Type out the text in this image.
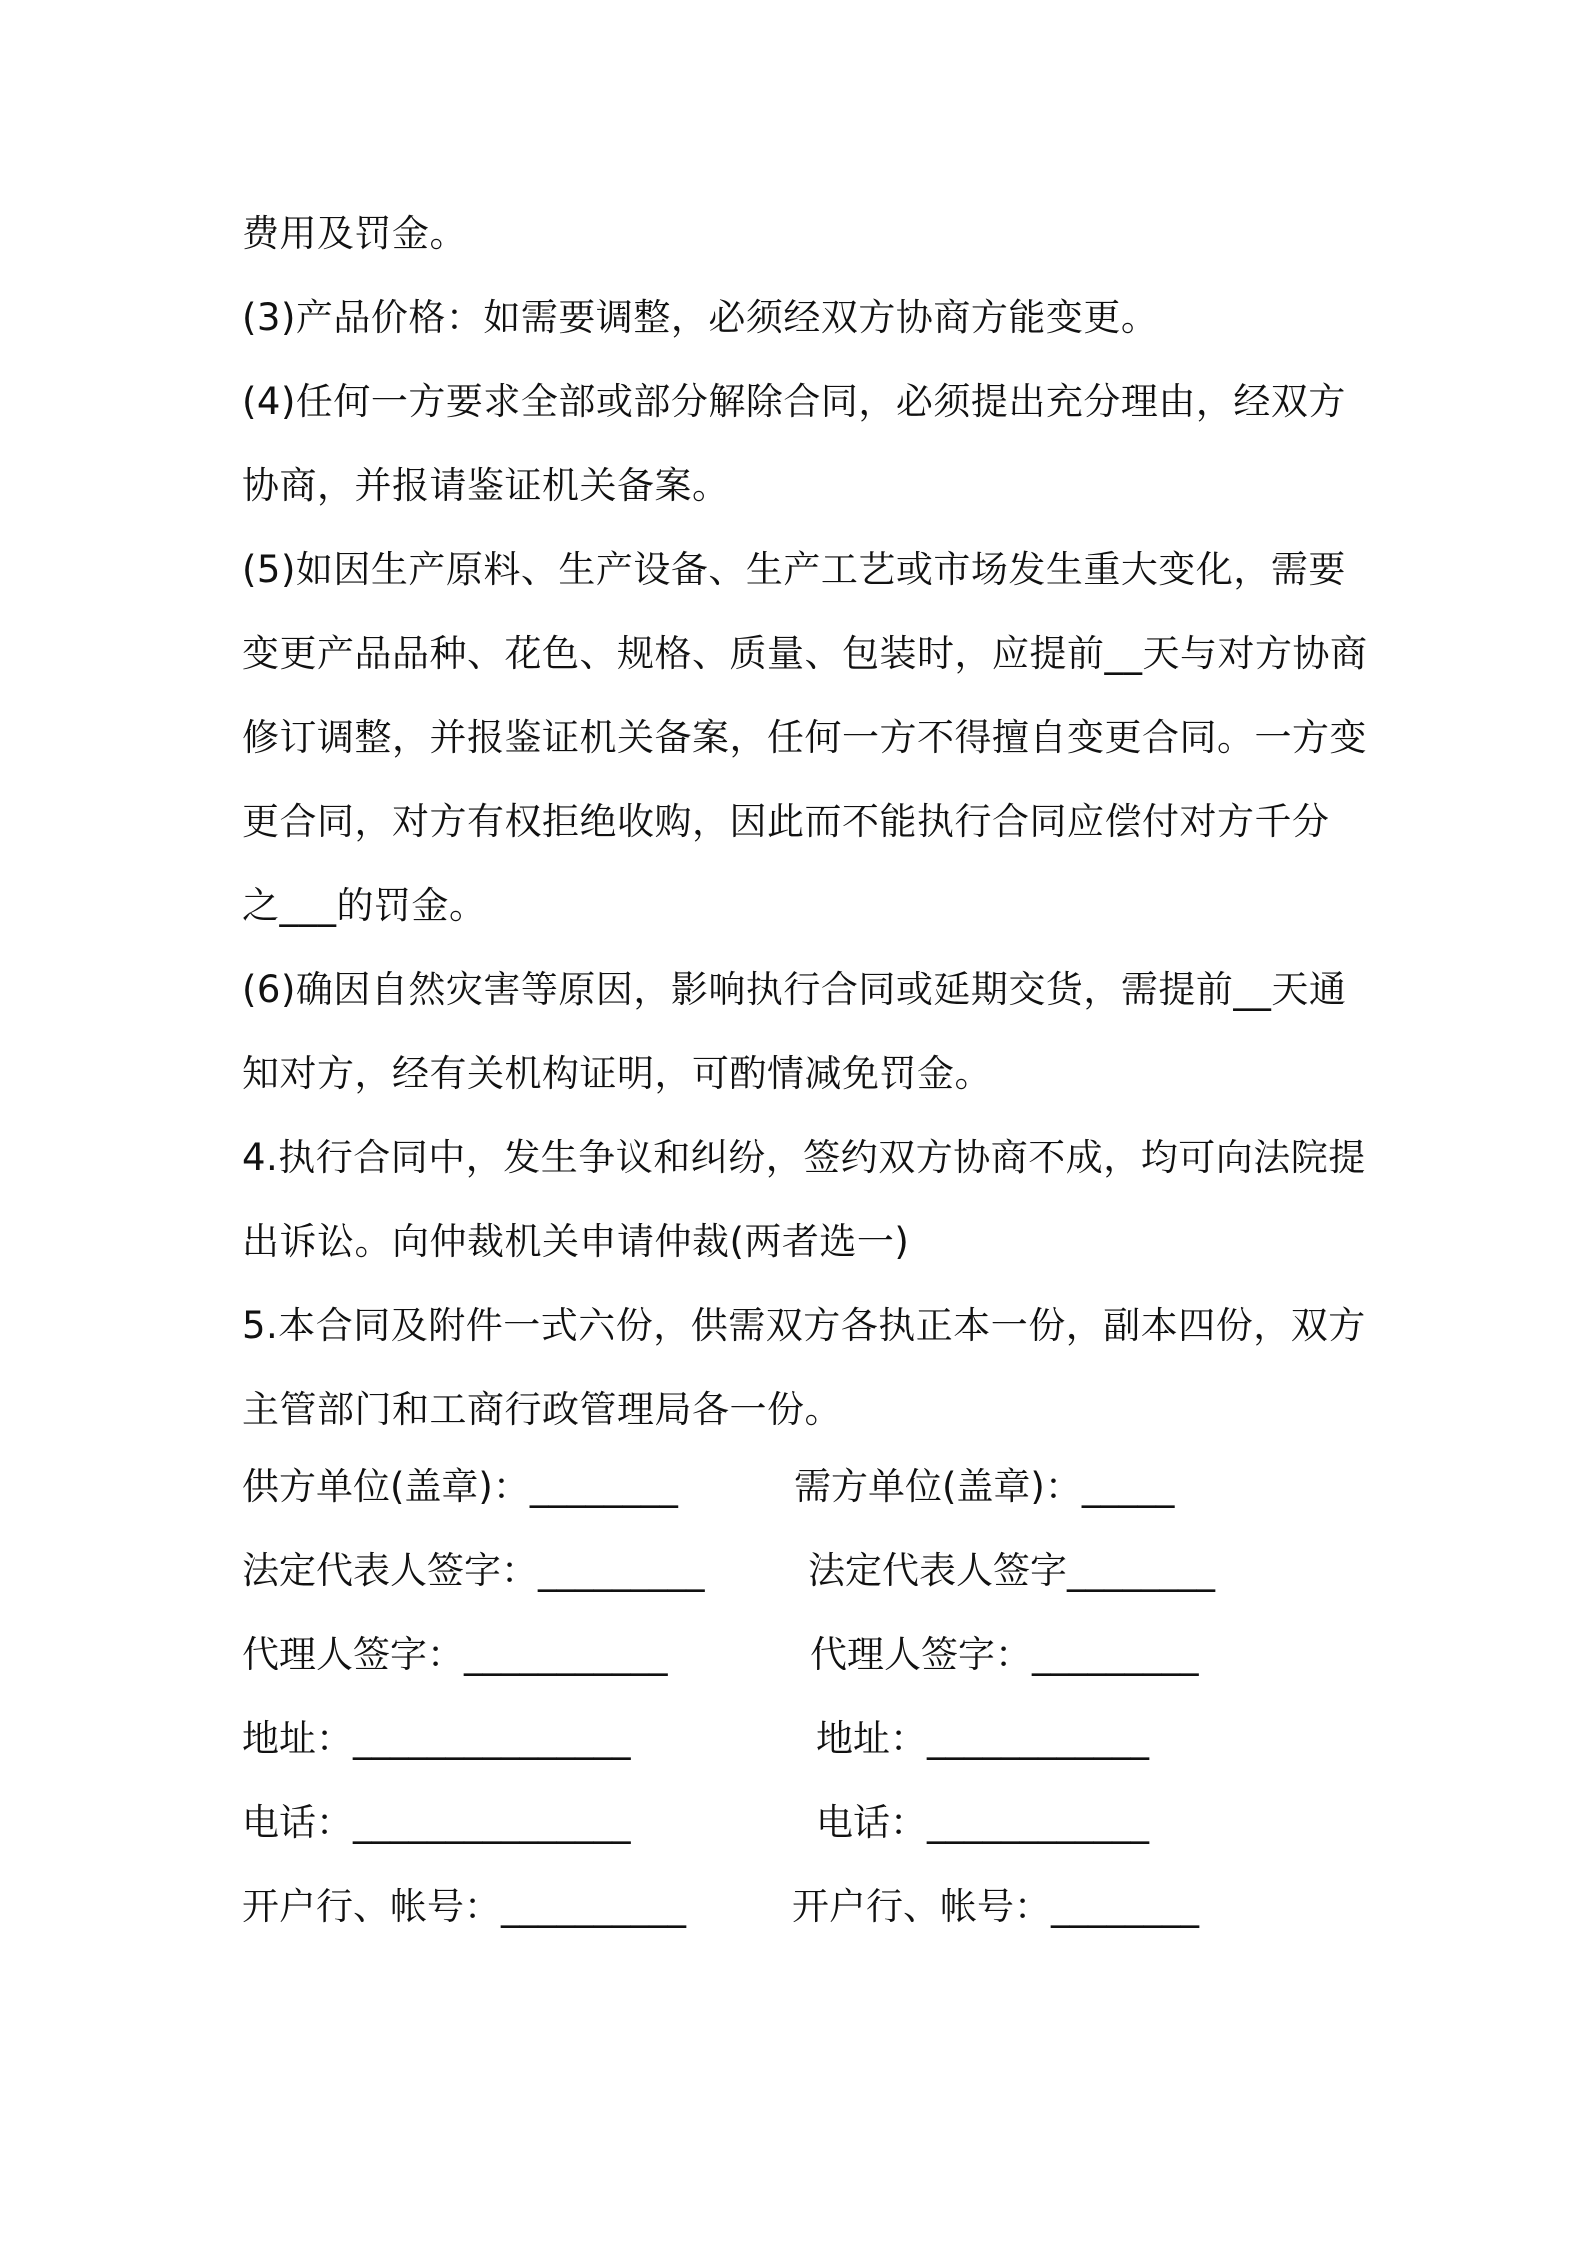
费用及罚金。

(3)产品价格：如需要调整，必须经双方协商方能变更。

(4)任何一方要求全部或部分解除合同，必须提出充分理由，经双方

协商，并报请鉴证机关备案。

(5)如因生产原料、生产设备、生产工艺或市场发生重大变化，需要

变更产品品种、花色、规格、质量、包装时，应提前__天与对方协商

修订调整，并报鉴证机关备案，任何一方不得擅自变更合同。一方变

更合同，对方有权拒绝收购，因此而不能执行合同应偿付对方千分

之___的罚金。

(6)确因自然灾害等原因，影响执行合同或延期交货，需提前__天通

知对方，经有关机构证明，可酌情减免罚金。

4.执行合同中，发生争议和纠纷，签约双方协商不成，均可向法院提

出诉讼。向仲裁机关申请仲裁(两者选一)

5.本合同及附件一式六份，供需双方各执正本一份，副本四份，双方

主管部门和工商行政管理局各一份。

供方单位(盖章)：________	需方单位(盖章)：_____
法定代表人签字：_________	法定代表人签字________
代理人签字：___________	代理人签字：_________
地址：_______________	地址：____________
电话：_______________	电话：____________
开户行、帐号：__________	开户行、帐号：________
